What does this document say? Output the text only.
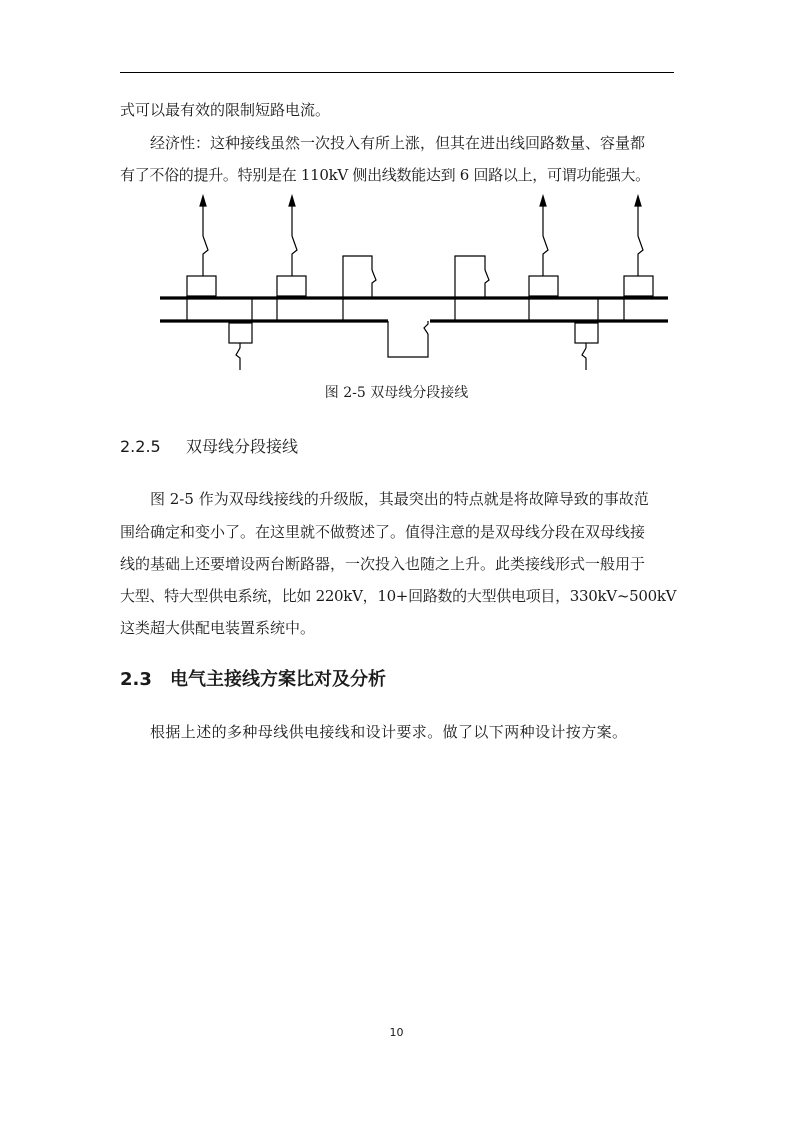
式可以最有效的限制短路电流。
经济性：这种接线虽然一次投入有所上涨，但其在进出线回路数量、容量都
有了不俗的提升。特别是在 110kV 侧出线数能达到 6 回路以上，可谓功能强大。
图 2-5 双母线分段接线
2.2.5 双母线分段接线
图 2-5 作为双母线接线的升级版，其最突出的特点就是将故障导致的事故范
围给确定和变小了。在这里就不做赘述了。值得注意的是双母线分段在双母线接
线的基础上还要增设两台断路器，一次投入也随之上升。此类接线形式一般用于
大型、特大型供电系统，比如 220kV，10+回路数的大型供电项目，330kV~500kV
这类超大供配电装置系统中。
2.3 电气主接线方案比对及分析
根据上述的多种母线供电接线和设计要求。做了以下两种设计按方案。
10
